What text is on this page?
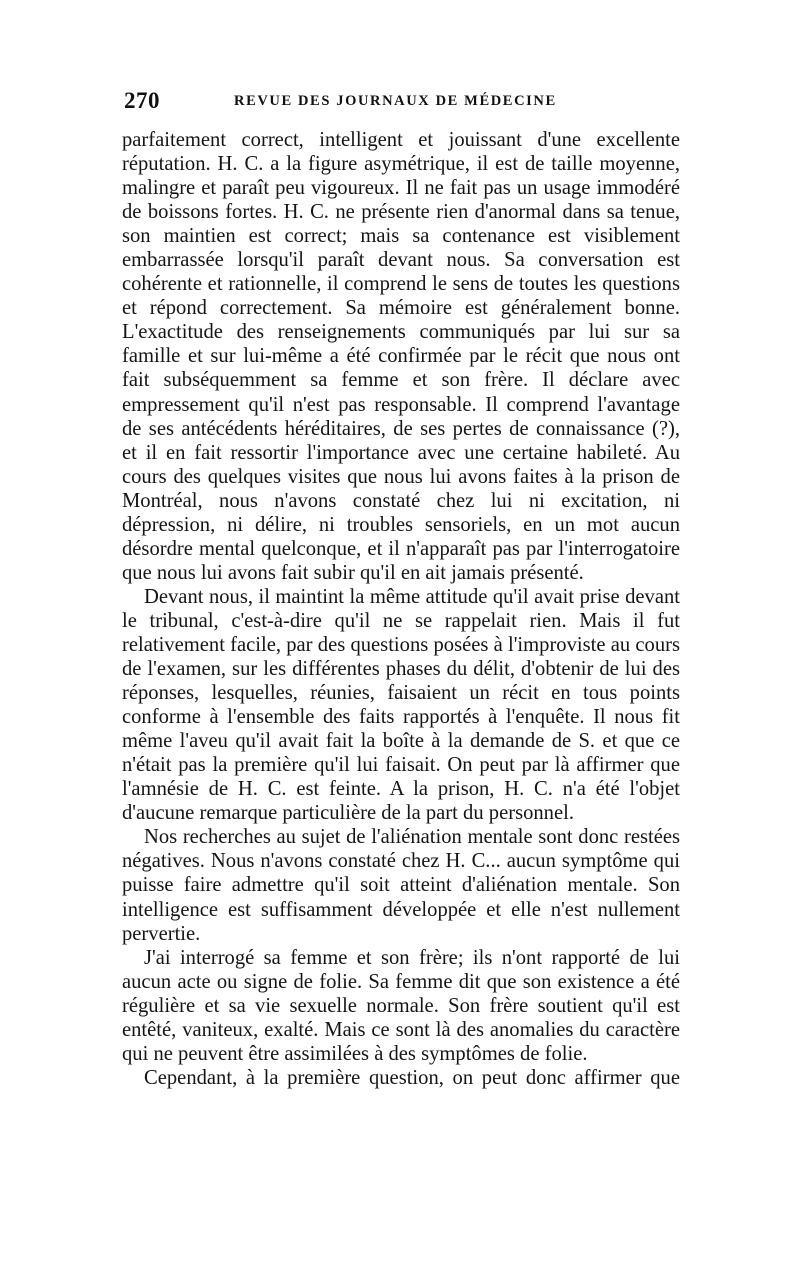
270	REVUE DES JOURNAUX DE MÉDECINE

parfaitement correct, intelligent et jouissant d'une excellente réputation. H. C. a la figure asymétrique, il est de taille moyenne, malingre et paraît peu vigoureux. Il ne fait pas un usage immodéré de boissons fortes. H. C. ne présente rien d'anormal dans sa tenue, son maintien est correct; mais sa contenance est visiblement embarrassée lorsqu'il paraît devant nous. Sa conversation est cohérente et rationnelle, il comprend le sens de toutes les questions et répond correctement. Sa mémoire est généralement bonne. L'exactitude des renseignements communiqués par lui sur sa famille et sur lui-même a été confirmée par le récit que nous ont fait subséquemment sa femme et son frère. Il déclare avec empressement qu'il n'est pas responsable. Il comprend l'avantage de ses antécédents héréditaires, de ses pertes de connaissance (?), et il en fait ressortir l'importance avec une certaine habileté. Au cours des quelques visites que nous lui avons faites à la prison de Montréal, nous n'avons constaté chez lui ni excitation, ni dépression, ni délire, ni troubles sensoriels, en un mot aucun désordre mental quelconque, et il n'apparaît pas par l'interrogatoire que nous lui avons fait subir qu'il en ait jamais présenté.

Devant nous, il maintint la même attitude qu'il avait prise devant le tribunal, c'est-à-dire qu'il ne se rappelait rien. Mais il fut relativement facile, par des questions posées à l'improviste au cours de l'examen, sur les différentes phases du délit, d'obtenir de lui des réponses, lesquelles, réunies, faisaient un récit en tous points conforme à l'ensemble des faits rapportés à l'enquête. Il nous fit même l'aveu qu'il avait fait la boîte à la demande de S. et que ce n'était pas la première qu'il lui faisait. On peut par là affirmer que l'amnésie de H. C. est feinte. A la prison, H. C. n'a été l'objet d'aucune remarque particulière de la part du personnel.

Nos recherches au sujet de l'aliénation mentale sont donc restées négatives. Nous n'avons constaté chez H. C... aucun symptôme qui puisse faire admettre qu'il soit atteint d'aliénation mentale. Son intelligence est suffisamment développée et elle n'est nullement pervertie.

J'ai interrogé sa femme et son frère; ils n'ont rapporté de lui aucun acte ou signe de folie. Sa femme dit que son existence a été régulière et sa vie sexuelle normale. Son frère soutient qu'il est entêté, vaniteux, exalté. Mais ce sont là des anomalies du caractère qui ne peuvent être assimilées à des symptômes de folie.

Cependant, à la première question, on peut donc affirmer que
